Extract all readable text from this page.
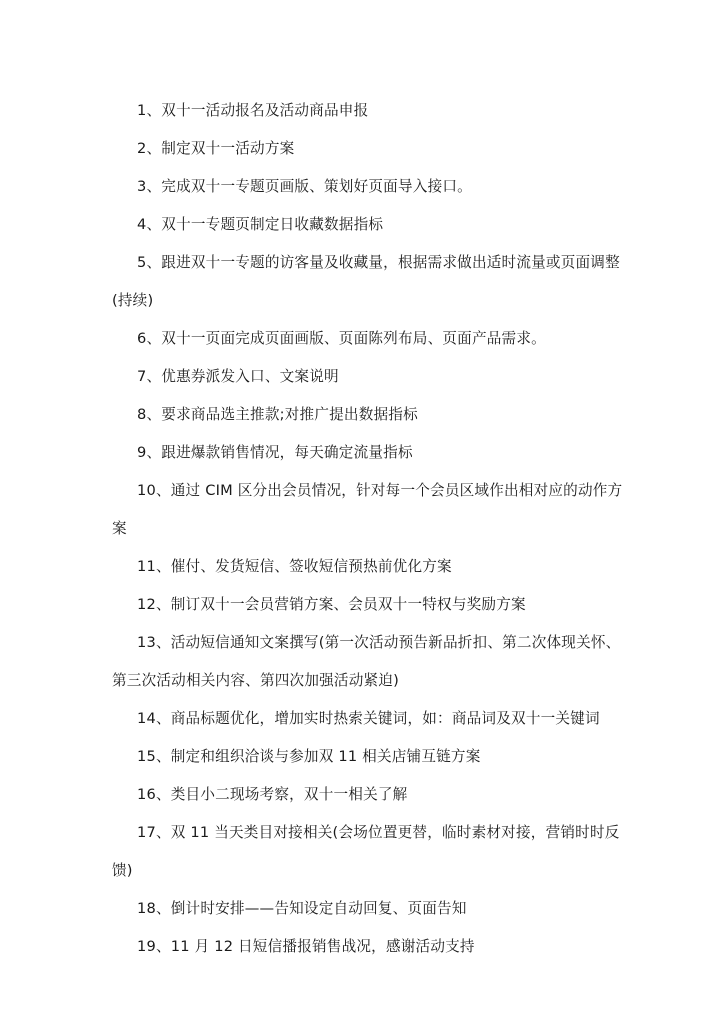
1、双十一活动报名及活动商品申报

2、制定双十一活动方案

3、完成双十一专题页画版、策划好页面导入接口。

4、双十一专题页制定日收藏数据指标

5、跟进双十一专题的访客量及收藏量，根据需求做出适时流量或页面调整(持续)

6、双十一页面完成页面画版、页面陈列布局、页面产品需求。

7、优惠券派发入口、文案说明

8、要求商品选主推款;对推广提出数据指标

9、跟进爆款销售情况，每天确定流量指标

10、通过 CIM 区分出会员情况，针对每一个会员区域作出相对应的动作方案

11、催付、发货短信、签收短信预热前优化方案

12、制订双十一会员营销方案、会员双十一特权与奖励方案

13、活动短信通知文案撰写(第一次活动预告新品折扣、第二次体现关怀、第三次活动相关内容、第四次加强活动紧迫)

14、商品标题优化，增加实时热索关键词，如：商品词及双十一关键词

15、制定和组织洽谈与参加双 11 相关店铺互链方案

16、类目小二现场考察，双十一相关了解

17、双 11 当天类目对接相关(会场位置更替，临时素材对接，营销时时反馈)

18、倒计时安排——告知设定自动回复、页面告知

19、11 月 12 日短信播报销售战况，感谢活动支持
